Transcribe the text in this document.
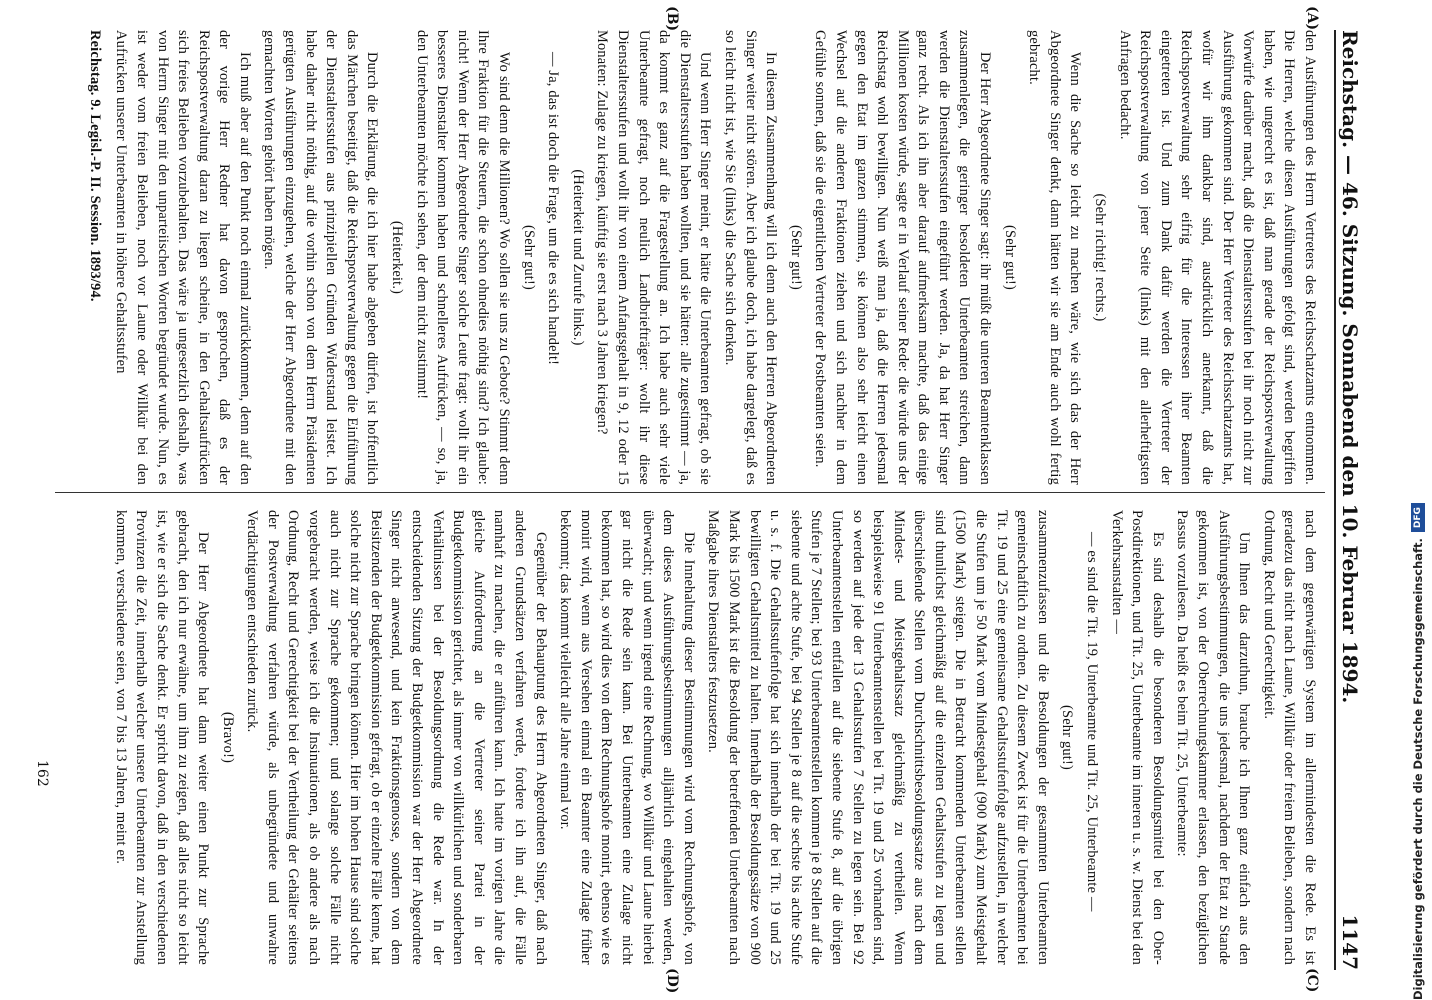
Reichstag. — 46. Sitzung. Sonnabend den 10. Februar 1894.
1147
(A)
(B)
(C)
(D)

den Ausführungen des Herrn Vertreters des Reichsschatzamts entnommen. Die Herren, welche diesen Ausführungen gefolgt sind, werden begriffen haben, wie ungerecht es ist, daß man gerade der Reichspostverwaltung Vorwürfe darüber macht, daß die Dienstaltersstufen bei ihr noch nicht zur Ausführung gekommen sind. Der Herr Vertreter des Reichsschatzamts hat, wofür wir ihm dankbar sind, ausdrücklich anerkannt, daß die Reichspostverwaltung sehr eifrig für die Interessen ihrer Beamten eingetreten ist. Und zum Dank dafür werden die Vertreter der Reichspostverwaltung von jener Seite (links) mit den allerheftigsten Anfragen bedacht.

(Sehr richtig! rechts.)

Wenn die Sache so leicht zu machen wäre, wie sich das der Herr Abgeordnete Singer denkt, dann hätten wir sie am Ende auch wohl fertig gebracht.

(Sehr gut!)

Der Herr Abgeordnete Singer sagt: ihr müßt die unteren Beamtenklassen zusammenlegen, die geringer besoldeten Unterbeamten streichen, dann werden die Dienstaltersstufen eingeführt werden. Ja, da hat Herr Singer ganz recht. Als ich ihn aber darauf aufmerksam machte, daß das einige Millionen kosten würde, sagte er in Verlauf seiner Rede: die würde uns der Reichstag wohl bewilligen. Nun weiß man ja, daß die Herren jedesmal gegen den Etat im ganzen stimmen, sie können also sehr leicht einen Wechsel auf die anderen Fraktionen ziehen und sich nachher in dem Gefühle sonnen, daß sie die eigentlichen Vertreter der Postbeamten seien.

(Sehr gut!)

In diesem Zusammenhang will ich denn auch den Herren Abgeordneten Singer weiter nicht stören. Aber ich glaube doch, ich habe dargelegt, daß es so leicht nicht ist, wie Sie (links) die Sache sich denken.

Und wenn Herr Singer meint, er hätte die Unterbeamten gefragt, ob sie die Dienstaltersstufen haben wollten, und sie hätten: alle zugestimmt — ja, da kommt es ganz auf die Fragestellung an. Ich habe auch sehr viele Unterbeamte gefragt, noch neulich Landbriefträger: wollt ihr diese Dienstaltersstufen und wollt ihr von einem Anfangsgehalt in 9, 12 oder 15 Monaten: Zulage zu kriegen, künftig sie erst nach 3 Jahren kriegen?

(Heiterkeit und Zurufe links.)

— Ja, das ist doch die Frage, um die es sich handelt!

(Sehr gut!)

Wo sind denn die Millionen? Wo sollen sie uns zu Gebote? Stimmt denn Ihre Fraktion für die Steuern, die schon ohnedies nöthig sind? Ich glaube: nicht! Wenn der Herr Abgeordnete Singer solche Leute fragt: wollt ihr ein besseres Dienstalter kommen haben und schnelleres Aufrücken, — so, ja, den Unterbeamten möchte ich sehen, der dem nicht zustimmt!

(Heiterkeit.)

Durch die Erklärung, die ich hier habe abgeben dürfen, ist hoffentlich das Märchen beseitigt, daß die Reichspostverwaltung gegen die Einführung der Dienstaltersstufen aus prinzipiellen Gründen Widerstand leistet. Ich habe daher nicht nöthig, auf die vorhin schon von dem Herrn Präsidenten gerügten Ausführungen einzugehen, welche der Herr Abgeordnete mit den gemachten Worten gehört haben mögen.

Ich muß aber auf den Punkt noch einmal zurückkommen, denn auf den der vorige Herr Redner hat davon gesprochen, daß es der Reichspostverwaltung daran zu liegen scheine, in den Gehaltsaufrücken sich freies Belieben vorzubehalten. Das wäre ja ungesetzlich deshalb, was von Herrn Singer mit den unparteiischen Worten begründet wurde. Nun, es ist weder vom freien Belieben, noch vor Laune oder Willkür bei den Aufrücken unserer Unterbeamten in höhere Gehaltsstufen

Reichstag. 9. Legisl.-P. II. Session. 1893/94.

nach dem gegenwärtigen System im allermindesten die Rede. Es ist geradezu das nicht nach Laune, Willkür oder freiem Belieben, sondern nach Ordnung, Recht und Gerechtigkeit.

Um Ihnen das darzuthun, brauche ich Ihnen ganz einfach aus den Ausführungsbestimmungen, die uns jedesmal, nachdem der Etat zu Stande gekommen ist, von der Oberrechnungskammer erlassen, den bezüglichen Passus vorzulesen. Da heißt es beim Tit. 25, Unterbeamte:

Es sind deshalb die besonderen Besoldungsmittel bei den Ober-Postdirektionen, und Tit. 25, Unterbeamte im inneren u. s. w. Dienst bei den Verkehrsanstalten —

— es sind die Tit. 19, Unterbeamte und Tit. 25, Unterbeamte —

(Sehr gut!)

zusammenzufassen und die Besoldungen der gesammten Unterbeamten gemeinschaftlich zu ordnen. Zu diesem Zweck ist für die Unterbeamten bei Tit. 19 und 25 eine gemeinsame Gehaltsstufenfolge aufzustellen, in welcher die Stufen um je 50 Mark vom Mindestgehalt (900 Mark) zum Meistgehalt (1500 Mark) steigen. Die in Betracht kommenden Unterbeamten stellen sind thunlichst gleichmäßig auf die einzelnen Gehaltsstufen zu legen und überschießende Stellen vom Durchschnittsbesoldungssatze aus nach dem Mindest- und Meistgehaltssatz gleichmäßig zu vertheilen. Wenn beispielsweise 91 Unterbeamtenstellen bei Tit. 19 und 25 vorhanden sind, so werden auf jede der 13 Gehaltsstufen 7 Stellen zu legen sein. Bei 92 Unterbeamtenstellen entfallen auf die siebente Stufe 8, auf die übrigen Stufen je 7 Stellen; bei 93 Unterbeamtenstellen kommen je 8 Stellen auf die siebente und achte Stufe, bei 94 Stellen je 8 auf die sechste bis achte Stufe u. s. f. Die Gehaltsstufenfolge hat sich innerhalb der bei Tit. 19 und 25 bewilligten Gehaltsmittel zu halten. Innerhalb der Besoldungssätze von 900 Mark bis 1500 Mark ist die Besoldung der betreffenden Unterbeamten nach Maßgabe ihres Dienstalters festzusetzen.

Die Innehaltung dieser Bestimmungen wird vom Rechnungshofe, von dem dieses Ausführungsbestimmungen alljährlich eingehalten werden, überwacht; und wenn irgend eine Rechnung, wo Willkür und Laune hierbei gar nicht die Rede sein kann. Bei Unterbeamten eine Zulage nicht bekommen hat, so wird dies von dem Rechnungshofe monirt, ebenso wie es monirt wird, wenn aus Versehen einmal ein Beamter eine Zulage früher bekommt; das kommt vielleicht alle Jahre einmal vor.

Gegenüber der Behauptung des Herrn Abgeordneten Singer, daß nach anderen Grundsätzen verfahren werde, fordere ich ihn auf, die Fälle namhaft zu machen, die er anführen kann. Ich hatte im vorigen Jahre die gleiche Aufforderung an die Vertreter seiner Partei in der Budgetkommission gerichtet, als immer von willkürlichen und sonderbaren Verhältnissen bei der Besoldungsordnung die Rede war. In der entscheidenden Sitzung der Budgetkommission war der Herr Abgeordnete Singer nicht anwesend, und kein Fraktionsgenosse, sondern von dem Beisitzenden der Budgetkommission gefragt, ob er einzelne Fälle kenne, hat solche nicht zur Sprache bringen können. Hier im hohen Hause sind solche auch nicht zur Sprache gekommen; und solange solche Fälle nicht vorgebracht werden, weise ich die Insinuationen, als ob andere als nach Ordnung, Recht und Gerechtigkeit bei der Vertheilung der Gehälter seitens der Postverwaltung verfahren würde, als unbegründete und unwahre Verdächtigungen entschieden zurück.

(Bravo!)

Der Herr Abgeordnete hat dann weiter einen Punkt zur Sprache gebracht, den ich nur erwähne, um ihm zu zeigen, daß alles nicht so leicht ist, wie er sich die Sache denkt. Er spricht davon, daß in den verschiedenen Provinzen die Zeit, innerhalb welcher unsere Unterbeamten zur Anstellung kommen, verschiedene seien, von 7 bis 13 Jahren, meint er.

162	Digitalisierung gefördert durch die Deutsche Forschungsgemeinschaft.
DFG
